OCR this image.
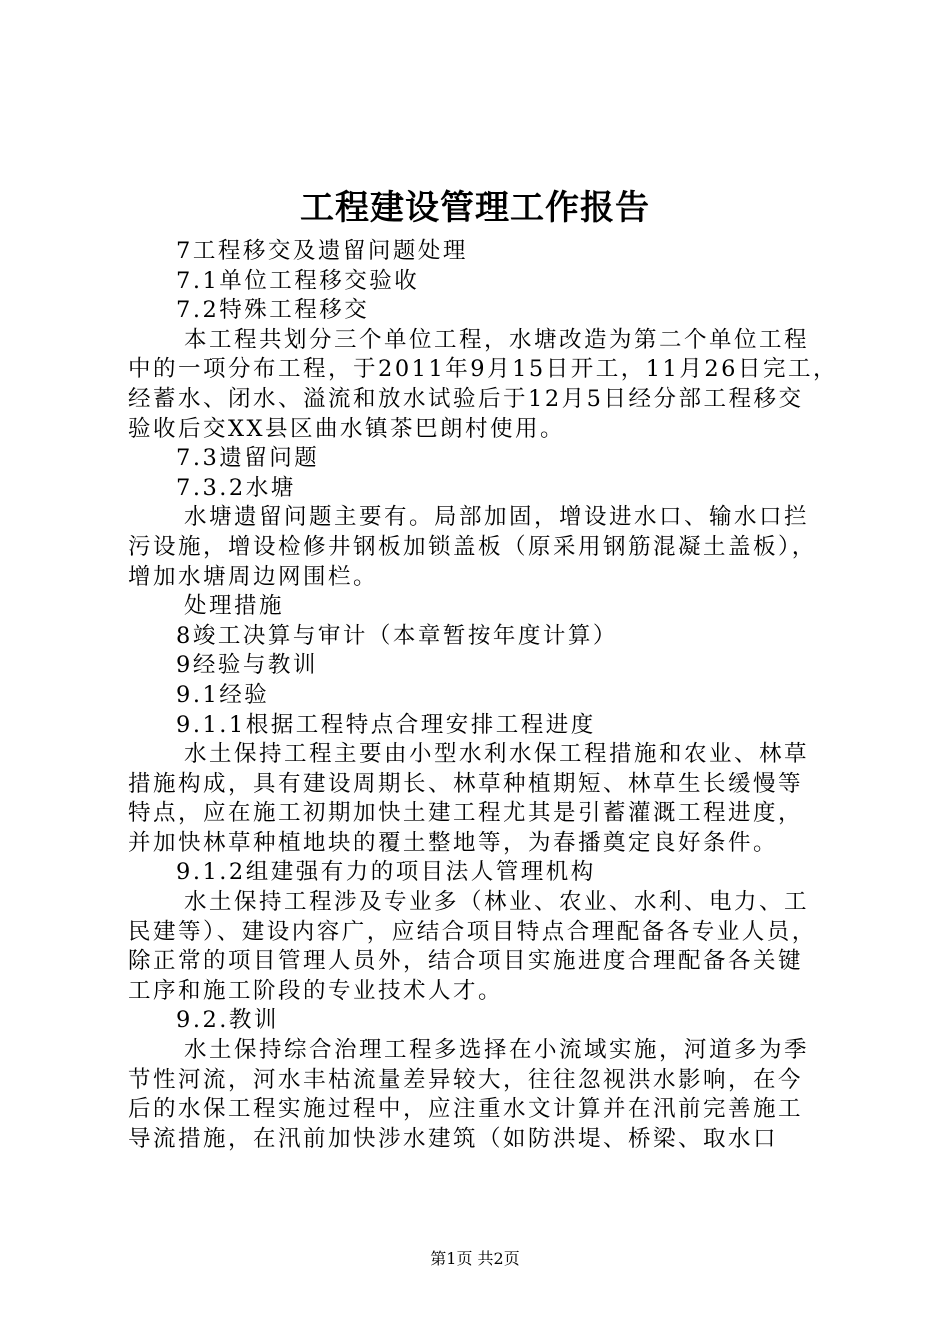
工程建设管理工作报告
7工程移交及遗留问题处理
7.1单位工程移交验收
7.2特殊工程移交
本工程共划分三个单位工程，水塘改造为第二个单位工程
中的一项分布工程，于2011年9月15日开工，11月26日完工，
经蓄水、闭水、溢流和放水试验后于12月5日经分部工程移交
验收后交XX县区曲水镇茶巴朗村使用。
7.3遗留问题
7.3.2水塘
水塘遗留问题主要有。局部加固，增设进水口、输水口拦
污设施，增设检修井钢板加锁盖板（原采用钢筋混凝土盖板），
增加水塘周边网围栏。
处理措施
8竣工决算与审计（本章暂按年度计算）
9经验与教训
9.1经验
9.1.1根据工程特点合理安排工程进度
水土保持工程主要由小型水利水保工程措施和农业、林草
措施构成，具有建设周期长、林草种植期短、林草生长缓慢等
特点，应在施工初期加快土建工程尤其是引蓄灌溉工程进度，
并加快林草种植地块的覆土整地等，为春播奠定良好条件。
9.1.2组建强有力的项目法人管理机构
水土保持工程涉及专业多（林业、农业、水利、电力、工
民建等）、建设内容广，应结合项目特点合理配备各专业人员，
除正常的项目管理人员外，结合项目实施进度合理配备各关键
工序和施工阶段的专业技术人才。
9.2.教训
水土保持综合治理工程多选择在小流域实施，河道多为季
节性河流，河水丰枯流量差异较大，往往忽视洪水影响，在今
后的水保工程实施过程中，应注重水文计算并在汛前完善施工
导流措施，在汛前加快涉水建筑（如防洪堤、桥梁、取水口
第1页 共2页
